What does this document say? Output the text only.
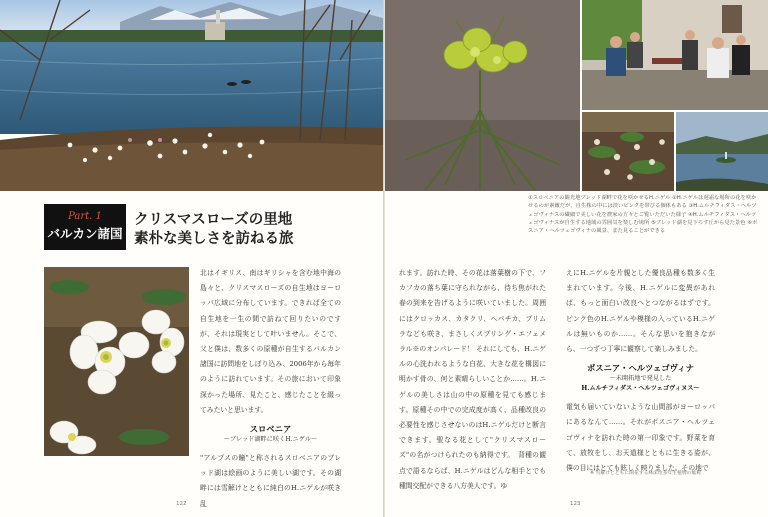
Part. 1
バルカン諸国
クリスマスローズの里地
素朴な美しさを訪ねる旅

北はイギリス、南はギリシャを含む地中海の島々と、クリスマスローズの自生地はヨーロッパ広域に分布しています。できれば全ての自生地を一生の間で訪ねて回りたいのですが、それは現実として叶いません。そこで、父と僕は、数多くの原種が自生するバルカン諸国に訪問地をしぼり込み、2006年から毎年のように訪れています。その旅において印象深かった場所、見たこと、感じたことを綴ってみたいと思います。

スロベニア
〜ブレッド湖畔に咲くH.ニゲル〜

"アルプスの瞳"と称されるスロベニアのブレッド湖は絵画のように美しい湖です。その湖畔には雪解けとともに純白のH.ニゲルが咲き乱

122

れます。訪れた時、その花は落葉樹の下で、フカフカの落ち葉に守られながら、待ち焦がれた春の到来を告げるように咲いていました。周囲にはクロッカス、カタクリ、ヘパチカ、プリムラなども咲き、まさしくスプリング・エフェメラル※のオンパレード！ それにしても、H.ニゲルの心洗われるような白花、大きな花を構図に明かす骨の、何と素晴らしいことか……。H.ニゲルの美しさは山の中の原種を見ても感じます。原種その中での完成度が高く、品種改良の必要性を感じさせないのはH.ニゲルだけと断言できます。聖なる花として"クリスマスローズ"の名がつけられたのも納得です。　背種の観点で語るならば、H.ニゲルはどんな相手とでも種間交配ができる八方美人です。ゆ

えにH.ニゲルを片親とした優良品種も数多く生まれています。今後、H.ニゲルに変異があれば、もっと面白い改良へとつながるはずです。ピンク色のH.ニゲルや模様の入っているH.ニゲルは無いものか……。そんな思いを抱きながら、一つずつ丁寧に観察して楽しみました。

ボスニア・ヘルツェゴヴィナ
〜未開拓地で発見した
H.ムルチフィダス・ヘルツェゴヴィヌス〜

電気も届いていないような山間部がヨーロッパにあるなんて……。それがボスニア・ヘルツェゴヴィナを訪れた時の第一印象です。野菜を育て、放牧をし、お天道様とともに生きる姿が、僕の目にはとても眩しく映りました。その地で

123
①スロベニアの観光地ブレッド湖畔で花を咲かせるH.ニゲル ②H.ニゲルは遅霜な場所の花を咲かせるのが素敵だが、自生株の中には淡いピンクを帯びる個体もある ③H.ムルチフィダス・ヘルツェゴヴィナスの繊細で美しい花を農家の方々とご覧いただいた様子 ④H.ムルチフィダス・ヘルツェゴヴィナスが自生する地域の雰囲気を楽しむ場所 ⑤ブレッド湖を見下ろす丘から見た景色 ⑥ボスニア・ヘルツェゴヴィナの風景、また見ることができる
※ 雪解けとともに開花する林床性多年生植物の総称
